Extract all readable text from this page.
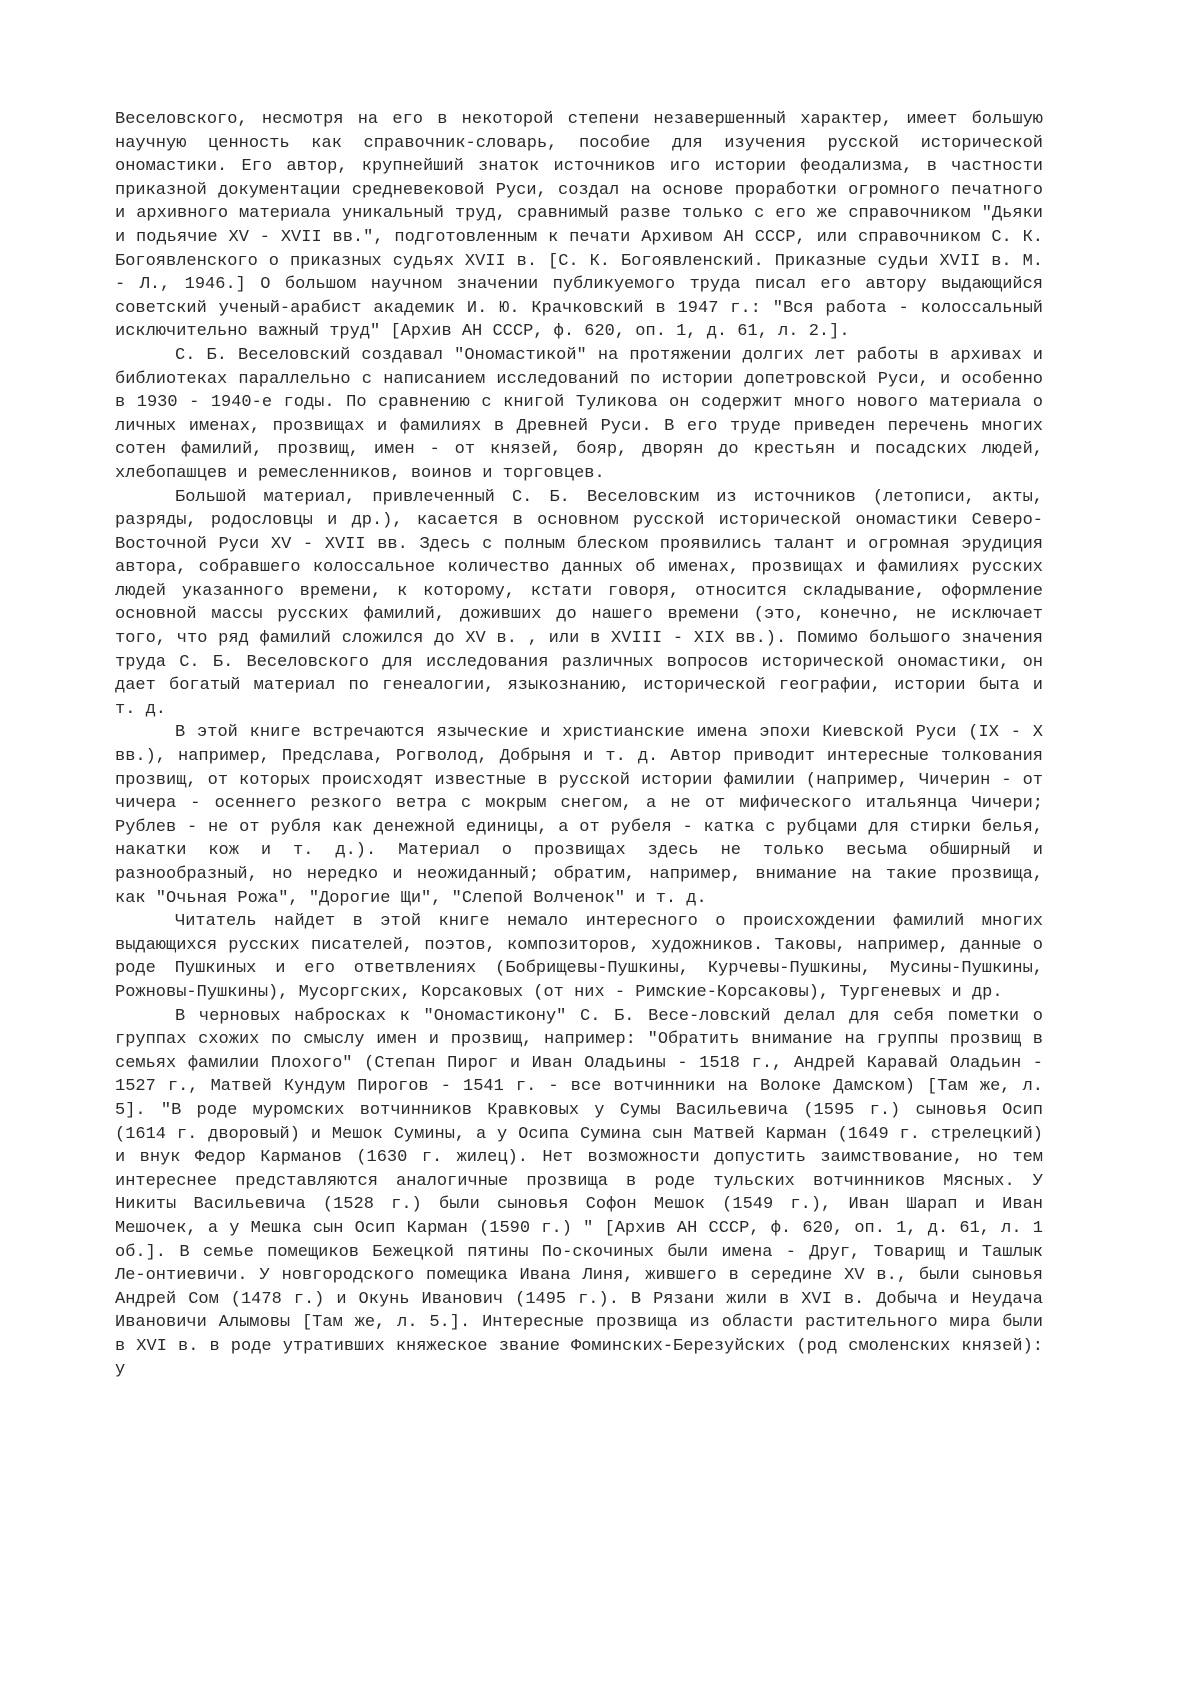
Веселовского, несмотря на его в некоторой степени незавершенный характер, имеет большую научную ценность как справочник-словарь, пособие для изучения русской исторической ономастики. Его автор, крупнейший знаток источников иго истории феодализма, в частности приказной документации средневековой Руси, создал на основе проработки огромного печатного и архивного материала уникальный труд, сравнимый разве только с его же справочником "Дьяки и подьячие XV - XVII вв.", подготовленным к печати Архивом АН СССР, или справочником С. К. Богоявленского о приказных судьях XVII в. [С. К. Богоявленский. Приказные судьи XVII в. М. - Л., 1946.] О большом научном значении публикуемого труда писал его автору выдающийся советский ученый-арабист академик И. Ю. Крачковский в 1947 г.: "Вся работа - колоссальный исключительно важный труд" [Архив АН СССР, ф. 620, оп. 1, д. 61, л. 2.].

С. Б. Веселовский создавал "Ономастикой" на протяжении долгих лет работы в архивах и библиотеках параллельно с написанием исследований по истории допетровской Руси, и особенно в 1930 - 1940-е годы. По сравнению с книгой Туликова он содержит много нового материала о личных именах, прозвищах и фамилиях в Древней Руси. В его труде приведен перечень многих сотен фамилий, прозвищ, имен - от князей, бояр, дворян до крестьян и посадских людей, хлебопашцев и ремесленников, воинов и торговцев.

Большой материал, привлеченный С. Б. Веселовским из источников (летописи, акты, разряды, родословцы и др.), касается в основном русской исторической ономастики Северо-Восточной Руси XV - XVII вв. Здесь с полным блеском проявились талант и огромная эрудиция автора, собравшего колоссальное количество данных об именах, прозвищах и фамилиях русских людей указанного времени, к которому, кстати говоря, относится складывание, оформление основной массы русских фамилий, доживших до нашего времени (это, конечно, не исключает того, что ряд фамилий сложился до XV в. , или в XVIII - XIX вв.). Помимо большого значения труда С. Б. Веселовского для исследования различных вопросов исторической ономастики, он дает богатый материал по генеалогии, языкознанию, исторической географии, истории быта и т. д.

В этой книге встречаются языческие и христианские имена эпохи Киевской Руси (IX - X вв.), например, Предслава, Рогволод, Добрыня и т. д. Автор приводит интересные толкования прозвищ, от которых происходят известные в русской истории фамилии (например, Чичерин - от чичера - осеннего резкого ветра с мокрым снегом, а не от мифического итальянца Чичери; Рублев - не от рубля как денежной единицы, а от рубеля - катка с рубцами для стирки белья, накатки кож и т. д.). Материал о прозвищах здесь не только весьма обширный и разнообразный, но нередко и неожиданный; обратим, например, внимание на такие прозвища, как "Очьная Рожа", "Дорогие Щи", "Слепой Волченок" и т. д.

Читатель найдет в этой книге немало интересного о происхождении фамилий многих выдающихся русских писателей, поэтов, композиторов, художников. Таковы, например, данные о роде Пушкиных и его ответвлениях (Бобрищевы-Пушкины, Курчевы-Пушкины, Мусины-Пушкины, Рожновы-Пушкины), Мусоргских, Корсаковых (от них - Римские-Корсаковы), Тургеневых и др.

В черновых набросках к "Ономастикону" С. Б. Весе-ловский делал для себя пометки о группах схожих по смыслу имен и прозвищ, например: "Обратить внимание на группы прозвищ в семьях фамилии Плохого" (Степан Пирог и Иван Оладьины - 1518 г., Андрей Каравай Оладьин - 1527 г., Матвей Кундум Пирогов - 1541 г. - все вотчинники на Волоке Дамском) [Там же, л. 5]. "В роде муромских вотчинников Кравковых у Сумы Васильевича (1595 г.) сыновья Осип (1614 г. дворовый) и Мешок Сумины, а у Осипа Сумина сын Матвей Карман (1649 г. стрелецкий) и внук Федор Карманов (1630 г. жилец). Нет возможности допустить заимствование, но тем интереснее представляются аналогичные прозвища в роде тульских вотчинников Мясных. У Никиты Васильевича (1528 г.) были сыновья Софон Мешок (1549 г.), Иван Шарап и Иван Мешочек, а у Мешка сын Осип Карман (1590 г.) " [Архив АН СССР, ф. 620, оп. 1, д. 61, л. 1 об.]. В семье помещиков Бежецкой пятины По-скочиных были имена - Друг, Товарищ и Ташлык Ле-онтиевичи. У новгородского помещика Ивана Линя, жившего в середине XV в., были сыновья Андрей Сом (1478 г.) и Окунь Иванович (1495 г.). В Рязани жили в XVI в. Добыча и Неудача Ивановичи Алымовы [Там же, л. 5.]. Интересные прозвища из области растительного мира были в XVI в. в роде утративших княжеское звание Фоминских-Березуйских (род смоленских князей): у
